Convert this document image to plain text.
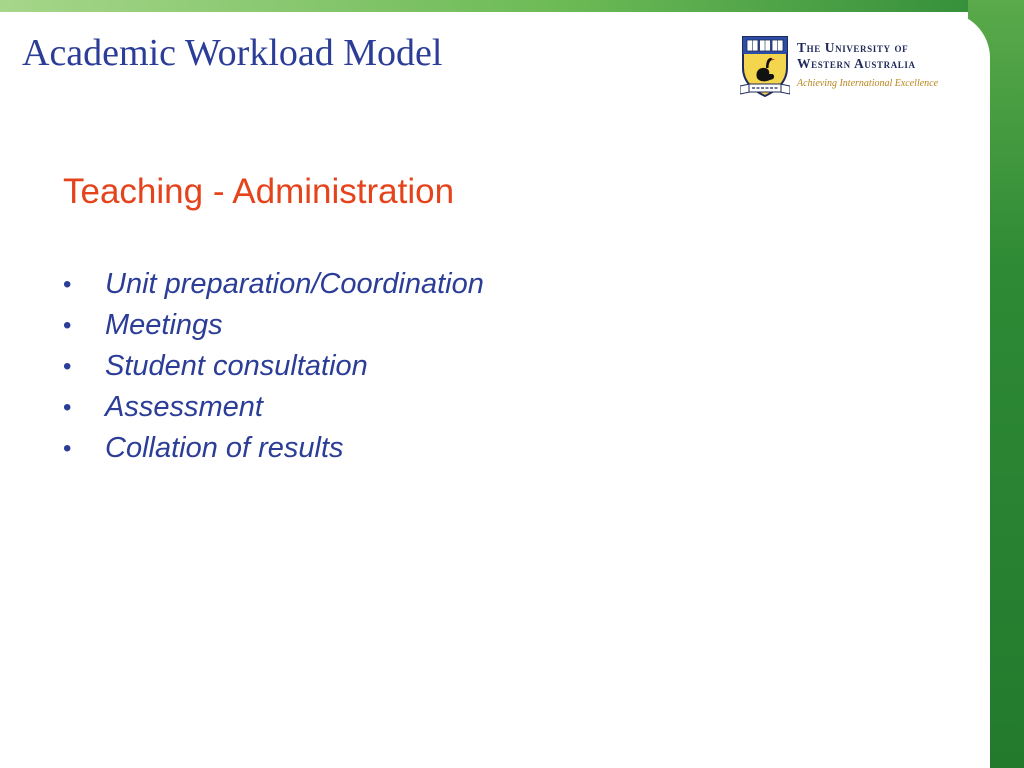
Academic Workload Model	The University of
Western Australia
Achieving International Excellence
Teaching - Administration
• Unit preparation/Coordination
• Meetings
• Student consultation
• Assessment
• Collation of results
